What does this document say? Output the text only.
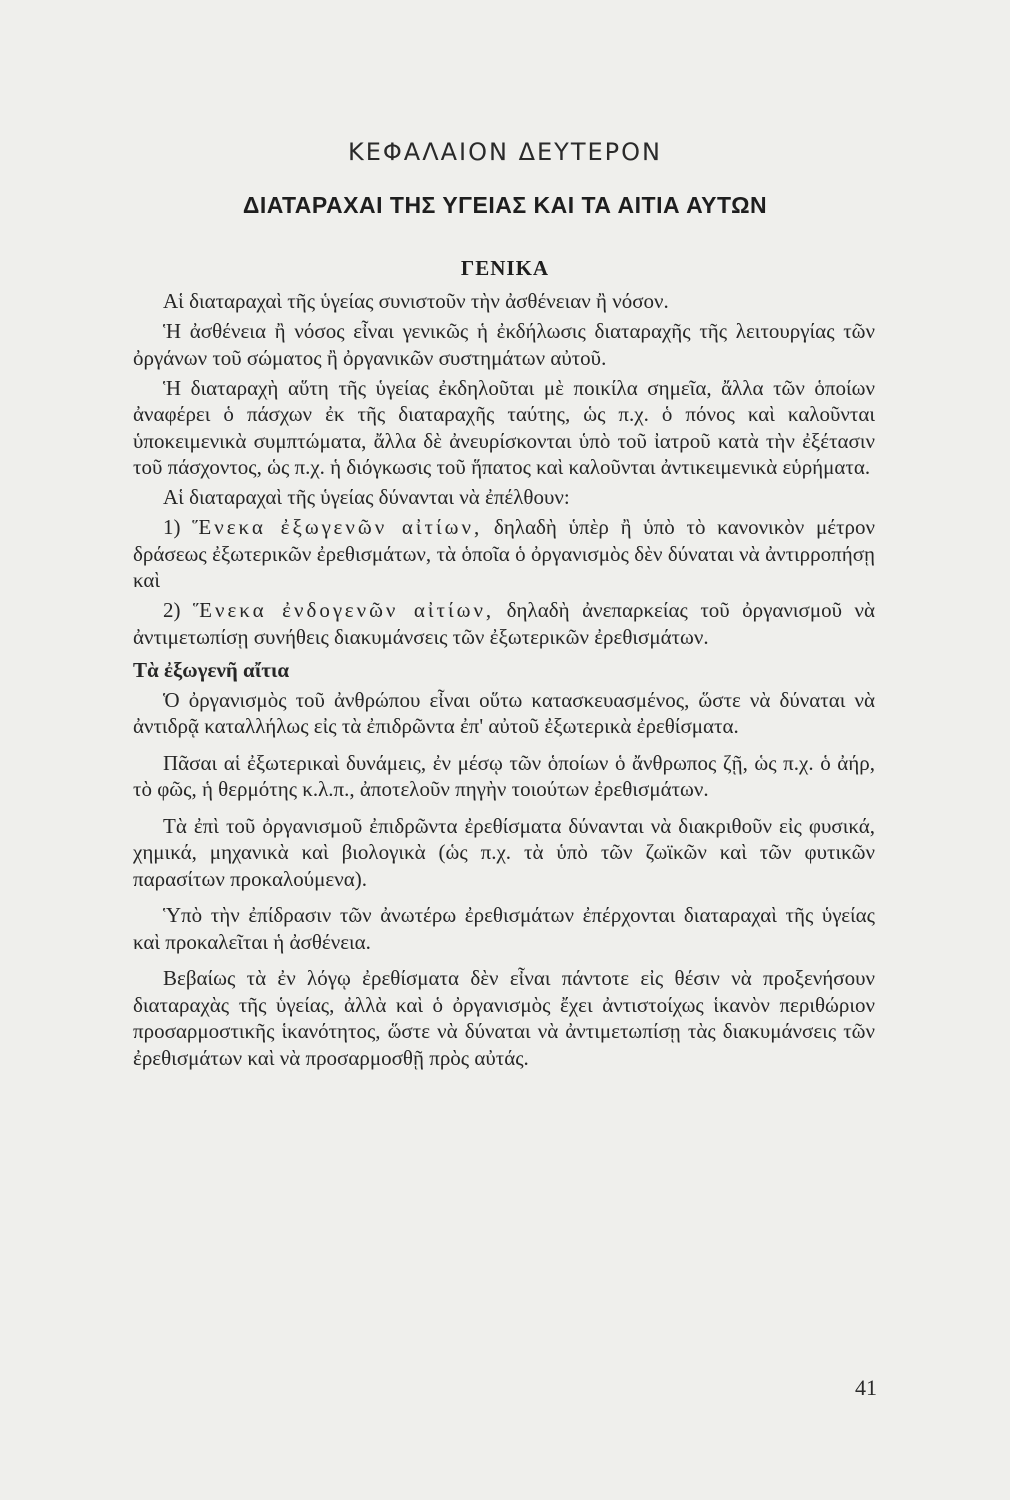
ΚΕΦΑΛΑΙΟΝ ΔΕΥΤΕΡΟΝ
ΔΙΑΤΑΡΑΧΑΙ ΤΗΣ ΥΓΕΙΑΣ ΚΑΙ ΤΑ ΑΙΤΙΑ ΑΥΤΩΝ
ΓΕΝΙΚΑ

Αἱ διαταραχαὶ τῆς ὑγείας συνιστοῦν τὴν ἀσθένειαν ἢ νόσον.

Ἡ ἀσθένεια ἢ νόσος εἶναι γενικῶς ἡ ἐκδήλωσις διαταραχῆς τῆς λειτουργίας τῶν ὀργάνων τοῦ σώματος ἢ ὀργανικῶν συστημάτων αὐτοῦ.

Ἡ διαταραχὴ αὕτη τῆς ὑγείας ἐκδηλοῦται μὲ ποικίλα σημεῖα, ἄλλα τῶν ὁποίων ἀναφέρει ὁ πάσχων ἐκ τῆς διαταραχῆς ταύτης, ὡς π.χ. ὁ πόνος καὶ καλοῦνται ὑποκειμενικὰ συμπτώματα, ἄλλα δὲ ἀνευρίσκονται ὑπὸ τοῦ ἰατροῦ κατὰ τὴν ἐξέτασιν τοῦ πάσχοντος, ὡς π.χ. ἡ διόγκωσις τοῦ ἥπατος καὶ καλοῦνται ἀντικειμενικὰ εὑρήματα.

Αἱ διαταραχαὶ τῆς ὑγείας δύνανται νὰ ἐπέλθουν:

1) Ἕνεκα ἐξωγενῶν αἰτίων, δηλαδὴ ὑπὲρ ἢ ὑπὸ τὸ κανονικὸν μέτρον δράσεως ἐξωτερικῶν ἐρεθισμάτων, τὰ ὁποῖα ὁ ὀργανισμὸς δὲν δύναται νὰ ἀντιρροπήσῃ καὶ

2) Ἕνεκα ἐνδογενῶν αἰτίων, δηλαδὴ ἀνεπαρκείας τοῦ ὀργανισμοῦ νὰ ἀντιμετωπίσῃ συνήθεις διακυμάνσεις τῶν ἐξωτερικῶν ἐρεθισμάτων.

Τὰ ἐξωγενῆ αἴτια

Ὁ ὀργανισμὸς τοῦ ἀνθρώπου εἶναι οὕτω κατασκευασμένος, ὥστε νὰ δύναται νὰ ἀντιδρᾷ καταλλήλως εἰς τὰ ἐπιδρῶντα ἐπ' αὐτοῦ ἐξωτερικὰ ἐρεθίσματα.

Πᾶσαι αἱ ἐξωτερικαὶ δυνάμεις, ἐν μέσῳ τῶν ὁποίων ὁ ἄνθρωπος ζῇ, ὡς π.χ. ὁ ἀήρ, τὸ φῶς, ἡ θερμότης κ.λ.π., ἀποτελοῦν πηγὴν τοιούτων ἐρεθισμάτων.

Τὰ ἐπὶ τοῦ ὀργανισμοῦ ἐπιδρῶντα ἐρεθίσματα δύνανται νὰ διακριθοῦν εἰς φυσικά, χημικά, μηχανικὰ καὶ βιολογικὰ (ὡς π.χ. τὰ ὑπὸ τῶν ζωϊκῶν καὶ τῶν φυτικῶν παρασίτων προκαλούμενα).

Ὑπὸ τὴν ἐπίδρασιν τῶν ἀνωτέρω ἐρεθισμάτων ἐπέρχονται διαταραχαὶ τῆς ὑγείας καὶ προκαλεῖται ἡ ἀσθένεια.

Βεβαίως τὰ ἐν λόγῳ ἐρεθίσματα δὲν εἶναι πάντοτε εἰς θέσιν νὰ προξενήσουν διαταραχὰς τῆς ὑγείας, ἀλλὰ καὶ ὁ ὀργανισμὸς ἔχει ἀντιστοίχως ἱκανὸν περιθώριον προσαρμοστικῆς ἱκανότητος, ὥστε νὰ δύναται νὰ ἀντιμετωπίσῃ τὰς διακυμάνσεις τῶν ἐρεθισμάτων καὶ νὰ προσαρμοσθῇ πρὸς αὐτάς.

41
